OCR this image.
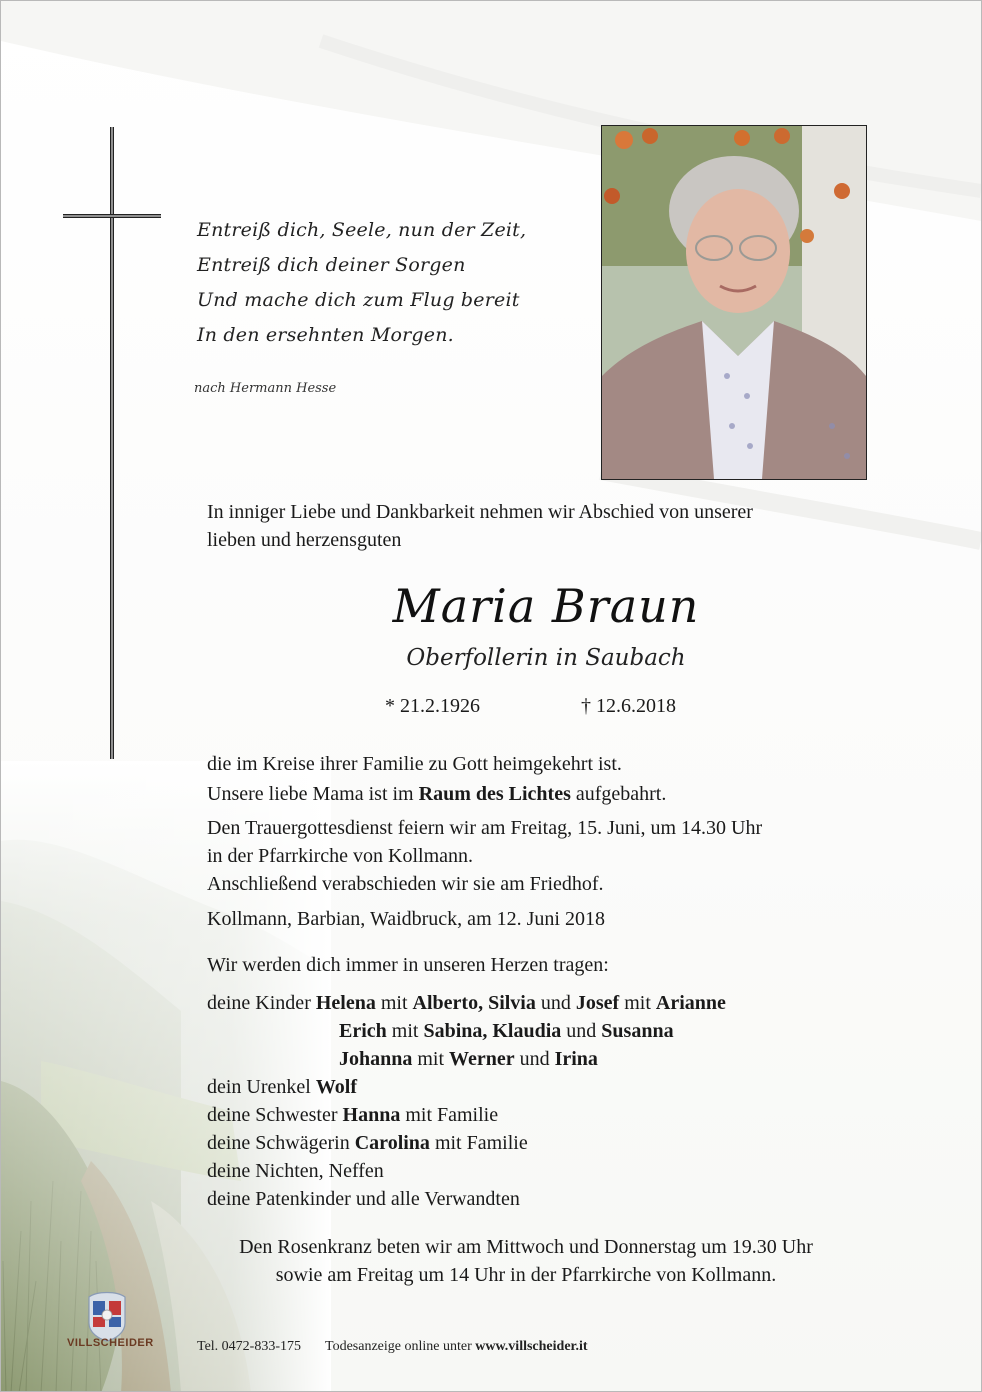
Entreiß dich, Seele, nun der Zeit,
Entreiß dich deiner Sorgen
Und mache dich zum Flug bereit
In den ersehnten Morgen.
nach Hermann Hesse
In inniger Liebe und Dankbarkeit nehmen wir Abschied von unserer
lieben und herzensguten
Maria Braun
Oberfollerin in Saubach
* 21.2.1926	† 12.6.2018
die im Kreise ihrer Familie zu Gott heimgekehrt ist.
Unsere liebe Mama ist im Raum des Lichtes aufgebahrt.
Den Trauergottesdienst feiern wir am Freitag, 15. Juni, um 14.30 Uhr
in der Pfarrkirche von Kollmann.
Anschließend verabschieden wir sie am Friedhof.
Kollmann, Barbian, Waidbruck, am 12. Juni 2018
Wir werden dich immer in unseren Herzen tragen:
deine Kinder Helena mit Alberto, Silvia und Josef mit Arianne
Erich mit Sabina, Klaudia und Susanna
Johanna mit Werner und Irina
dein Urenkel Wolf
deine Schwester Hanna mit Familie
deine Schwägerin Carolina mit Familie
deine Nichten, Neffen
deine Patenkinder und alle Verwandten
Den Rosenkranz beten wir am Mittwoch und Donnerstag um 19.30 Uhr
sowie am Freitag um 14 Uhr in der Pfarrkirche von Kollmann.
VILLSCHEIDER	Tel. 0472-833-175 Todesanzeige online unter www.villscheider.it
